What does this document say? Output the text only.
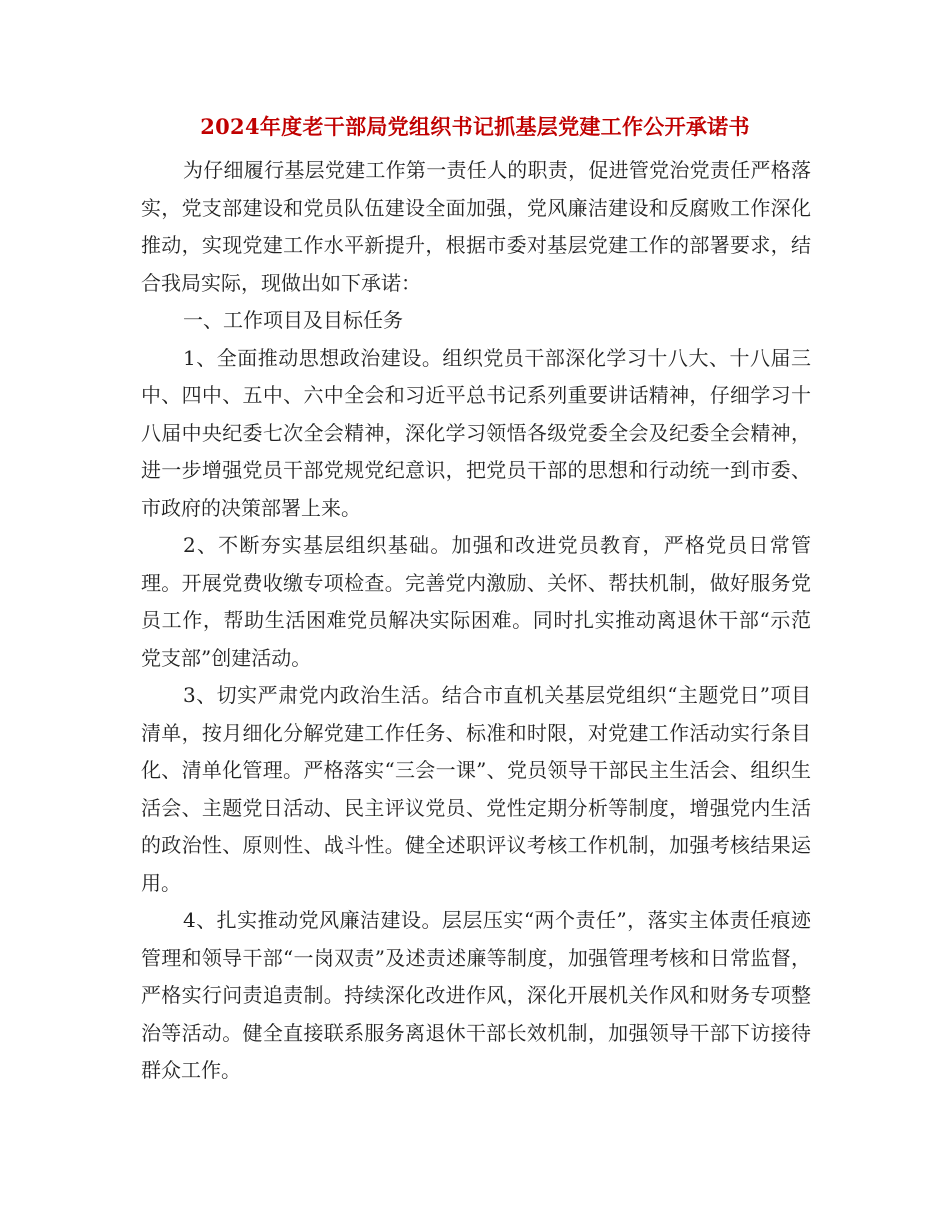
2024年度老干部局党组织书记抓基层党建工作公开承诺书

为仔细履行基层党建工作第一责任人的职责，促进管党治党责任严格落实，党支部建设和党员队伍建设全面加强，党风廉洁建设和反腐败工作深化推动，实现党建工作水平新提升，根据市委对基层党建工作的部署要求，结合我局实际，现做出如下承诺：

一、工作项目及目标任务

1、全面推动思想政治建设。组织党员干部深化学习十八大、十八届三中、四中、五中、六中全会和习近平总书记系列重要讲话精神，仔细学习十八届中央纪委七次全会精神，深化学习领悟各级党委全会及纪委全会精神，进一步增强党员干部党规党纪意识，把党员干部的思想和行动统一到市委、市政府的决策部署上来。

2、不断夯实基层组织基础。加强和改进党员教育，严格党员日常管理。开展党费收缴专项检查。完善党内激励、关怀、帮扶机制，做好服务党员工作，帮助生活困难党员解决实际困难。同时扎实推动离退休干部“示范党支部”创建活动。

3、切实严肃党内政治生活。结合市直机关基层党组织“主题党日”项目清单，按月细化分解党建工作任务、标准和时限，对党建工作活动实行条目化、清单化管理。严格落实“三会一课”、党员领导干部民主生活会、组织生活会、主题党日活动、民主评议党员、党性定期分析等制度，增强党内生活的政治性、原则性、战斗性。健全述职评议考核工作机制，加强考核结果运用。

4、扎实推动党风廉洁建设。层层压实“两个责任”，落实主体责任痕迹管理和领导干部“一岗双责”及述责述廉等制度，加强管理考核和日常监督，严格实行问责追责制。持续深化改进作风，深化开展机关作风和财务专项整治等活动。健全直接联系服务离退休干部长效机制，加强领导干部下访接待群众工作。
